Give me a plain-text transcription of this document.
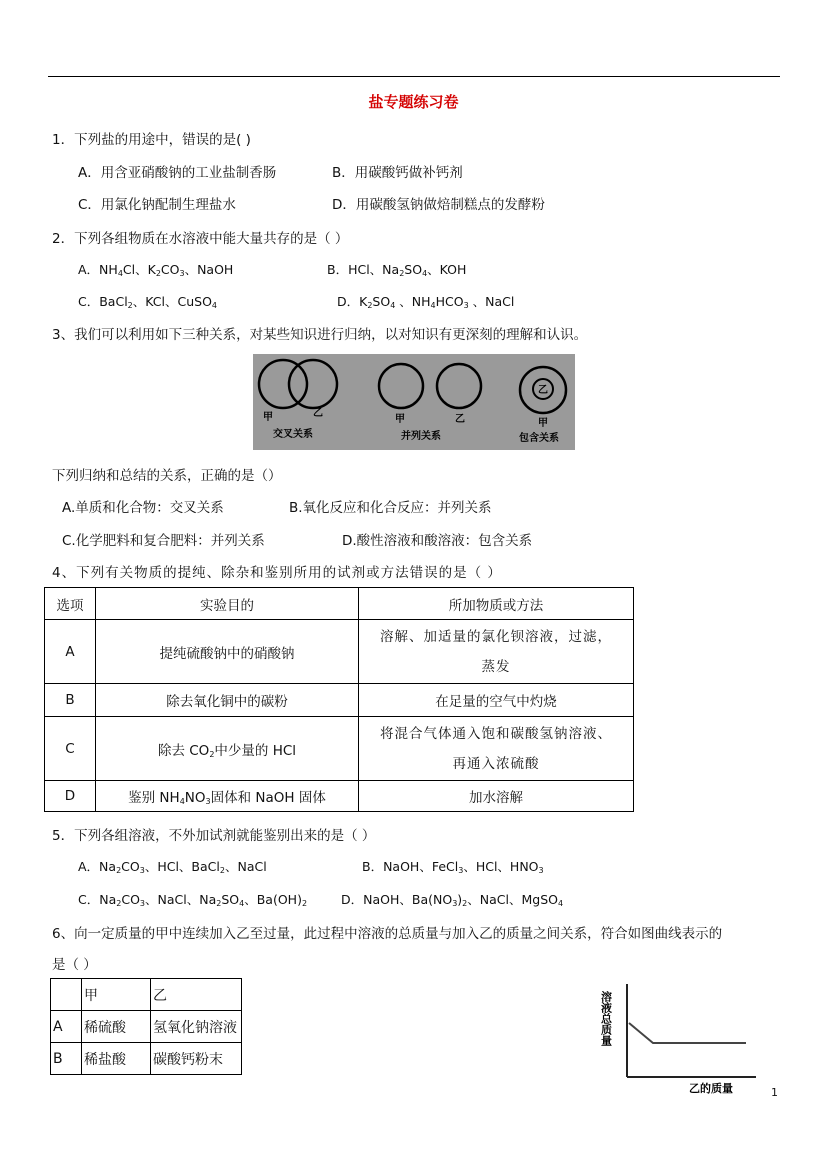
盐专题练习卷
1．下列盐的用途中，错误的是( )
A．用含亚硝酸钠的工业盐制香肠	B．用碳酸钙做补钙剂
C．用氯化钠配制生理盐水	D．用碳酸氢钠做焙制糕点的发酵粉
2．下列各组物质在水溶液中能大量共存的是（ ）
A．$NH_4Cl$、$K_2CO_3$、NaOH	B．HCl、$Na_2SO_4$、KOH
C．BaCl$_2$、KCl、CuSO$_4$	D．$K_2SO_4$ 、$NH_4HCO_3$ 、NaCl
3、我们可以利用如下三种关系，对某些知识进行归纳，以对知识有更深刻的理解和认识。
甲	乙
交叉关系
甲	乙
并列关系
乙
甲
包含关系
下列归纳和总结的关系，正确的是（）
A.单质和化合物：交叉关系	B.氧化反应和化合反应：并列关系
C.化学肥料和复合肥料：并列关系	D.酸性溶液和酸溶液：包含关系
4、下列有关物质的提纯、除杂和鉴别所用的试剂或方法错误的是（ ）
选项	实验目的	所加物质或方法
A	提纯硫酸钠中的硝酸钠	溶解、加适量的氯化钡溶液，过滤，
蒸发
B	除去氧化铜中的碳粉	在足量的空气中灼烧
C	除去 $CO_2$中少量的 HCl	将混合气体通入饱和碳酸氢钠溶液、
再通入浓硫酸
D	鉴别 $NH_4NO_3$固体和 NaOH 固体	加水溶解
5．下列各组溶液，不外加试剂就能鉴别出来的是（ ）
A．$Na_2CO_3$、HCl、BaCl$_2$、NaCl	B．NaOH、FeCl$_3$、HCl、$HNO_3$
C．$Na_2CO_3$、NaCl、$Na_2SO_4$、$Ba(OH)_2$	D．NaOH、$Ba(NO_3)_2$、NaCl、MgSO$_4$
6、向一定质量的甲中连续加入乙至过量，此过程中溶液的总质量与加入乙的质量之间关系，符合如图曲线表示的
是（ ）
	甲	乙
A	稀硫酸	氢氧化钠溶液
B	稀盐酸	碳酸钙粉末
溶液总质量
乙的质量	1
